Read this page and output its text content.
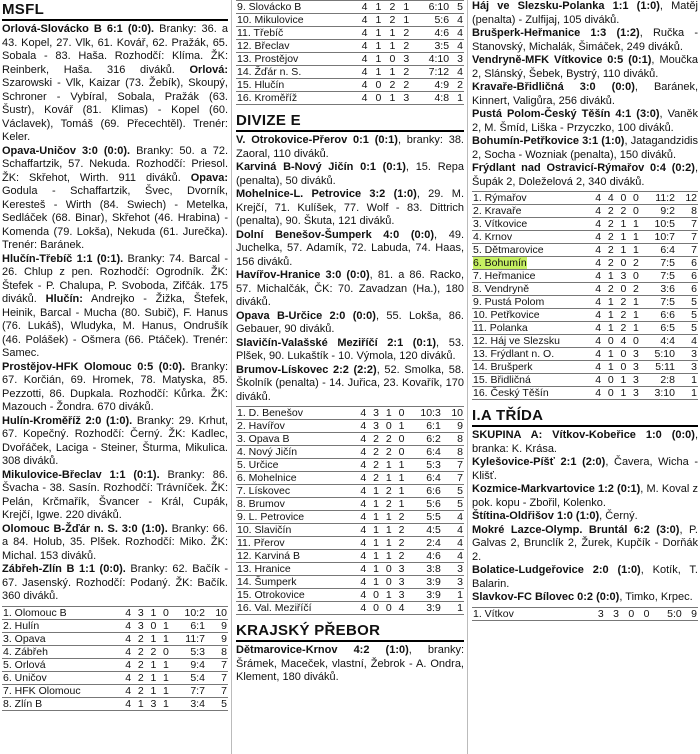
MSFL

Orlová-Slovácko B 6:1 (0:0). Branky: 36. a 43. Kopel, 27. Vlk, 61. Kovář, 62. Pražák, 65. Sobala - 83. Haša. Rozhodčí: Klíma. ŽK: Reinberk, Haša. 316 diváků. Orlová: Szarowski - Vlk, Kaizar (73. Žebík), Skoupý, Schroner - Vybíral, Sobala, Pražák (63. Šustr), Kovář (81. Klimas) - Kopel (60. Václavek), Tomáš (69. Přecechtěl). Trenér: Keler.

Opava-Uničov 3:0 (0:0). Branky: 50. a 72. Schaffartzik, 57. Nekuda. Rozhodčí: Priesol. ŽK: Skřehot, Wirth. 911 diváků. Opava: Godula - Schaffartzik, Švec, Dvorník, Keresteš - Wirth (84. Swiech) - Metelka, Sedláček (68. Binar), Skřehot (46. Hrabina) - Komenda (79. Lokša), Nekuda (61. Jurečka). Trenér: Baránek.

Hlučín-Třebíč 1:1 (0:1). Branky: 74. Barcal - 26. Chlup z pen. Rozhodčí: Ogrodník. ŽK: Štefek - P. Chalupa, P. Svoboda, Zifčák. 175 diváků. Hlučín: Andrejko - Žižka, Štefek, Heinik, Barcal - Mucha (80. Subič), F. Hanus (76. Lukáš), Wludyka, M. Hanus, Ondrušík (46. Polášek) - Ošmera (66. Ptáček). Trenér: Samec.

Prostějov-HFK Olomouc 0:5 (0:0). Branky: 67. Korčián, 69. Hromek, 78. Matyska, 85. Pezzotti, 86. Dupkala. Rozhodčí: Kůrka. ŽK: Mazouch - Žondra. 670 diváků.

Hulín-Kroměříž 2:0 (1:0). Branky: 29. Krhut, 67. Kopečný. Rozhodčí: Černý. ŽK: Kadlec, Dvořáček, Laciga - Steiner, Šturma, Mikulica. 308 diváků.

Mikulovice-Břeclav 1:1 (0:1). Branky: 86. Švacha - 38. Sasín. Rozhodčí: Trávníček. ŽK: Pelán, Krčmařík, Švancer - Král, Cupák, Krejčí, Igwe. 220 diváků.

Olomouc B-Žďár n. S. 3:0 (1:0). Branky: 66. a 84. Holub, 35. Plšek. Rozhodčí: Miko. ŽK: Michal. 153 diváků.

Zábřeh-Zlín B 1:1 (0:0). Branky: 62. Bačík - 67. Jasenský. Rozhodčí: Podaný. ŽK: Bačík. 360 diváků.

1. Olomouc B	4	3	1	0	10:2	10
2. Hulín	4	3	0	1	6:1	9
3. Opava	4	2	1	1	11:7	9
4. Zábřeh	4	2	2	0	5:3	8
5. Orlová	4	2	1	1	9:4	7
6. Uničov	4	2	1	1	5:4	7
7. HFK Olomouc	4	2	1	1	7:7	7
8. Zlín B	4	1	3	1	3:4	5
9. Slovácko B	4	1	2	1	6:10	5
10. Mikulovice	4	1	2	1	5:6	4
11. Třebíč	4	1	1	2	4:6	4
12. Břeclav	4	1	1	2	3:5	4
13. Prostějov	4	1	0	3	4:10	3
14. Žďár n. S.	4	1	1	2	7:12	4
15. Hlučín	4	0	2	2	4:9	2
16. Kroměříž	4	0	1	3	4:8	1
DIVIZE E

V. Otrokovice-Přerov 0:1 (0:1), branky: 38. Zaoral, 110 diváků.

Karviná B-Nový Jičín 0:1 (0:1), 15. Repa (penalta), 50 diváků.

Mohelnice-L. Petrovice 3:2 (1:0), 29. M. Krejčí, 71. Kulíšek, 77. Wolf - 83. Dittrich (penalta), 90. Škuta, 121 diváků.

Dolní Benešov-Šumperk 4:0 (0:0), 49. Juchelka, 57. Adamík, 72. Labuda, 74. Haas, 156 diváků.

Havířov-Hranice 3:0 (0:0), 81. a 86. Racko, 57. Michalčák, ČK: 70. Zavadzan (Ha.), 180 diváků.

Opava B-Určice 2:0 (0:0), 55. Lokša, 86. Gebauer, 90 diváků.

Slavičín-Valašské Meziříčí 2:1 (0:1), 53. Plšek, 90. Lukaštík - 10. Výmola, 120 diváků.

Brumov-Lískovec 2:2 (2:2), 52. Smolka, 58. Školník (penalta) - 14. Juřica, 23. Kovařík, 170 diváků.

1. D. Benešov	4	3	1	0	10:3	10
2. Havířov	4	3	0	1	6:1	9
3. Opava B	4	2	2	0	6:2	8
4. Nový Jičín	4	2	2	0	6:4	8
5. Určice	4	2	1	1	5:3	7
6. Mohelnice	4	2	1	1	6:4	7
7. Lískovec	4	1	2	1	6:6	5
8. Brumov	4	1	2	1	5:6	5
9. L. Petrovice	4	1	1	2	5:5	4
10. Slavičín	4	1	1	2	4:5	4
11. Přerov	4	1	1	2	2:4	4
12. Karviná B	4	1	1	2	4:6	4
13. Hranice	4	1	0	3	3:8	3
14. Šumperk	4	1	0	3	3:9	3
15. Otrokovice	4	0	1	3	3:9	1
16. Val. Meziříčí	4	0	0	4	3:9	1
KRAJSKÝ PŘEBOR

Dětmarovice-Krnov 4:2 (1:0), branky: Šrámek, Maceček, vlastní, Žebrok - A. Ondra, Klement, 180 diváků.

Háj ve Slezsku-Polanka 1:1 (1:0), Matěj (penalta) - Zulfijaj, 105 diváků.

Brušperk-Heřmanice 1:3 (1:2), Ručka - Stanovský, Michalák, Šimáček, 249 diváků.

Vendryně-MFK Vítkovice 0:5 (0:1), Moučka 2, Slánský, Šebek, Bystrý, 110 diváků.

Kravaře-Břidličná 3:0 (0:0), Baránek, Kinnert, Valigůra, 256 diváků.

Pustá Polom-Český Těšín 4:1 (3:0), Vaněk 2, M. Šmíd, Liška - Przyczko, 100 diváků.

Bohumín-Petřkovice 3:1 (1:0), Jatagandzidis 2, Socha - Wozniak (penalta), 150 diváků.

Frýdlant nad Ostravicí-Rýmařov 0:4 (0:2), Šupák 2, Doleželová 2, 340 diváků.

1. Rýmařov	4	4	0	0	11:2	12
2. Kravaře	4	2	2	0	9:2	8
3. Vítkovice	4	2	1	1	10:5	7
4. Krnov	4	2	1	1	10:7	7
5. Dětmarovice	4	2	1	1	6:4	7
6. Bohumín	4	2	0	2	7:5	6
7. Heřmanice	4	1	3	0	7:5	6
8. Vendryně	4	2	0	2	3:6	6
9. Pustá Polom	4	1	2	1	7:5	5
10. Petřkovice	4	1	2	1	6:6	5
11. Polanka	4	1	2	1	6:5	5
12. Háj ve Slezsku	4	0	4	0	4:4	4
13. Frýdlant n. O.	4	1	0	3	5:10	3
14. Brušperk	4	1	0	3	5:11	3
15. Břidličná	4	0	1	3	2:8	1
16. Český Těšín	4	0	1	3	3:10	1
I.A TŘÍDA

SKUPINA A: Vítkov-Kobeřice 1:0 (0:0), branka: K. Krása.

Kylešovice-Píšť 2:1 (2:0), Čavera, Wicha - Klišť.

Kozmice-Markvartovice 1:2 (0:1), M. Koval z pok. kopu - Zbořil, Kolenko.

Štítina-Oldřišov 1:0 (1:0), Černý.

Mokré Lazce-Olymp. Bruntál 6:2 (3:0), P. Galvas 2, Brunclík 2, Žurek, Kupčík - Dorňák 2.

Bolatice-Ludgeřovice 2:0 (1:0), Kotík, T. Balarin.

Slavkov-FC Bílovec 0:2 (0:0), Timko, Krpec.

1. Vítkov	3	3	0	0	5:0	9
